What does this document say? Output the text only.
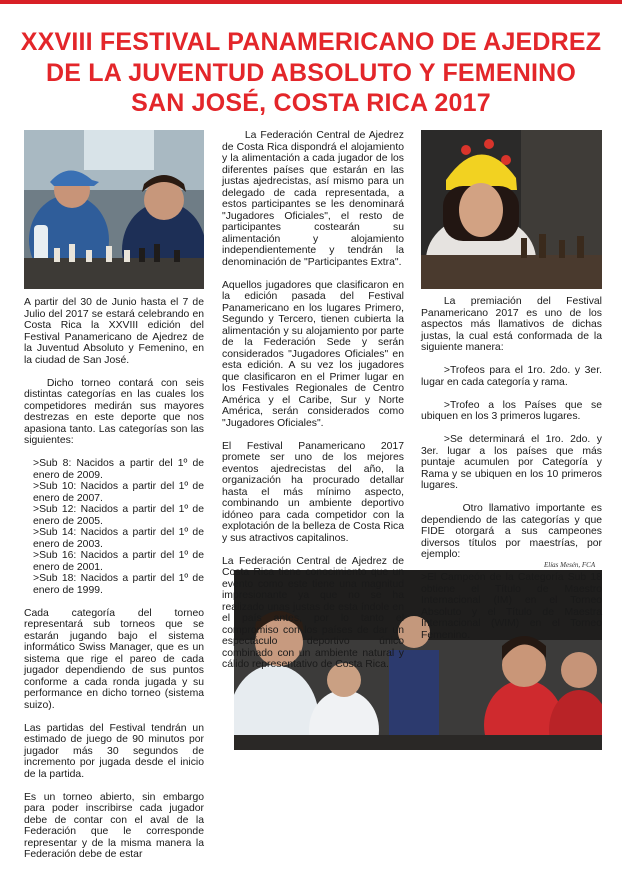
XXVIII FESTIVAL PANAMERICANO DE AJEDREZ
DE LA JUVENTUD ABSOLUTO Y FEMENINO
SAN JOSÉ, COSTA RICA 2017
Elías Mesén, FCA

A partir del 30 de Junio hasta el 7 de Julio del 2017 se estará celebrando en Costa Rica la XXVIII edición del Festival Panamericano de Ajedrez de la Juventud Absoluto y Femenino, en la ciudad de San José.

Dicho torneo contará con seis distintas categorías en las cuales los competidores medirán sus mayores destrezas en este deporte que nos apasiona tanto. Las categorías son las siguientes:

>Sub 8: Nacidos a partir del 1º de enero de 2009.

>Sub 10: Nacidos a partir del 1º de enero de 2007.

>Sub 12: Nacidos a partir del 1º de enero de 2005.

>Sub 14: Nacidos a partir del 1º de enero de 2003.

>Sub 16: Nacidos a partir del 1º de enero de 2001.

>Sub 18: Nacidos a partir del 1º de enero de 1999.

Cada categoría del torneo representará sub torneos que se estarán jugando bajo el sistema informático Swiss Manager, que es un sistema que rige el pareo de cada jugador dependiendo de sus puntos conforme a cada ronda jugada y su performance en dicho torneo (sistema suizo).

Las partidas del Festival tendrán un estimado de juego de 90 minutos por jugador más 30 segundos de incremento por jugada desde el inicio de la partida.

Es un torneo abierto, sin embargo para poder inscribirse cada jugador debe de contar con el aval de la Federación que le corresponde representar y de la misma manera la Federación debe de estar

La Federación Central de Ajedrez de Costa Rica dispondrá el alojamiento y la alimentación a cada jugador de los diferentes países que estarán en las justas ajedrecistas, así mismo para un delegado de cada representada, a estos participantes se les denominará "Jugadores Oficiales", el resto de participantes costearán su alimentación y alojamiento independientemente y tendrán la denominación de "Participantes Extra".

Aquellos jugadores que clasificaron en la edición pasada del Festival Panamericano en los lugares Primero, Segundo y Tercero, tienen cubierta la alimentación y su alojamiento por parte de la Federación Sede y serán considerados "Jugadores Oficiales" en esta edición. A su vez los jugadores que clasificaron en el Primer lugar en los Festivales Regionales de Centro América y el Caribe, Sur y Norte América, serán considerados como "Jugadores Oficiales".

El Festival Panamericano 2017 promete ser uno de los mejores eventos ajedrecistas del año, la organización ha procurado detallar hasta el más mínimo aspecto, combinando un ambiente deportivo idóneo para cada competidor con la explotación de la belleza de Costa Rica y sus atractivos capitalinos.

La Federación Central de Ajedrez de Costa Rica tiene conocimiento que un evento como este tiene una magnitud impresionante ya que no se ha realizado unas justas de esta índole en el país antes, por lo tanto el compromiso con los países de dar un espectáculo deportivo único combinado con un ambiente natural y cálido representativo de Costa Rica.

La premiación del Festival Panamericano 2017 es uno de los aspectos más llamativos de dichas justas, la cual está conformada de la siguiente manera:

>Trofeos para el 1ro. 2do. y 3er. lugar en cada categoría y rama.

>Trofeo a los Países que se ubiquen en los 3 primeros lugares.

>Se determinará el 1ro. 2do. y 3er. lugar a los países que más puntaje acumulen por Categoría y Rama y se ubiquen en los 10 primeros lugares.

Otro llamativo importante es dependiendo de las categorías y que FIDE otorgará a sus campeones diversos títulos por maestrías, por ejemplo:

>El Campeón de la Categoría Sub 18 obtiene el Título de Maestro Internacional (IM) en el Torneo Absoluto y el Título de Maestra Internacional (WIM) en el Torneo Femenino.
